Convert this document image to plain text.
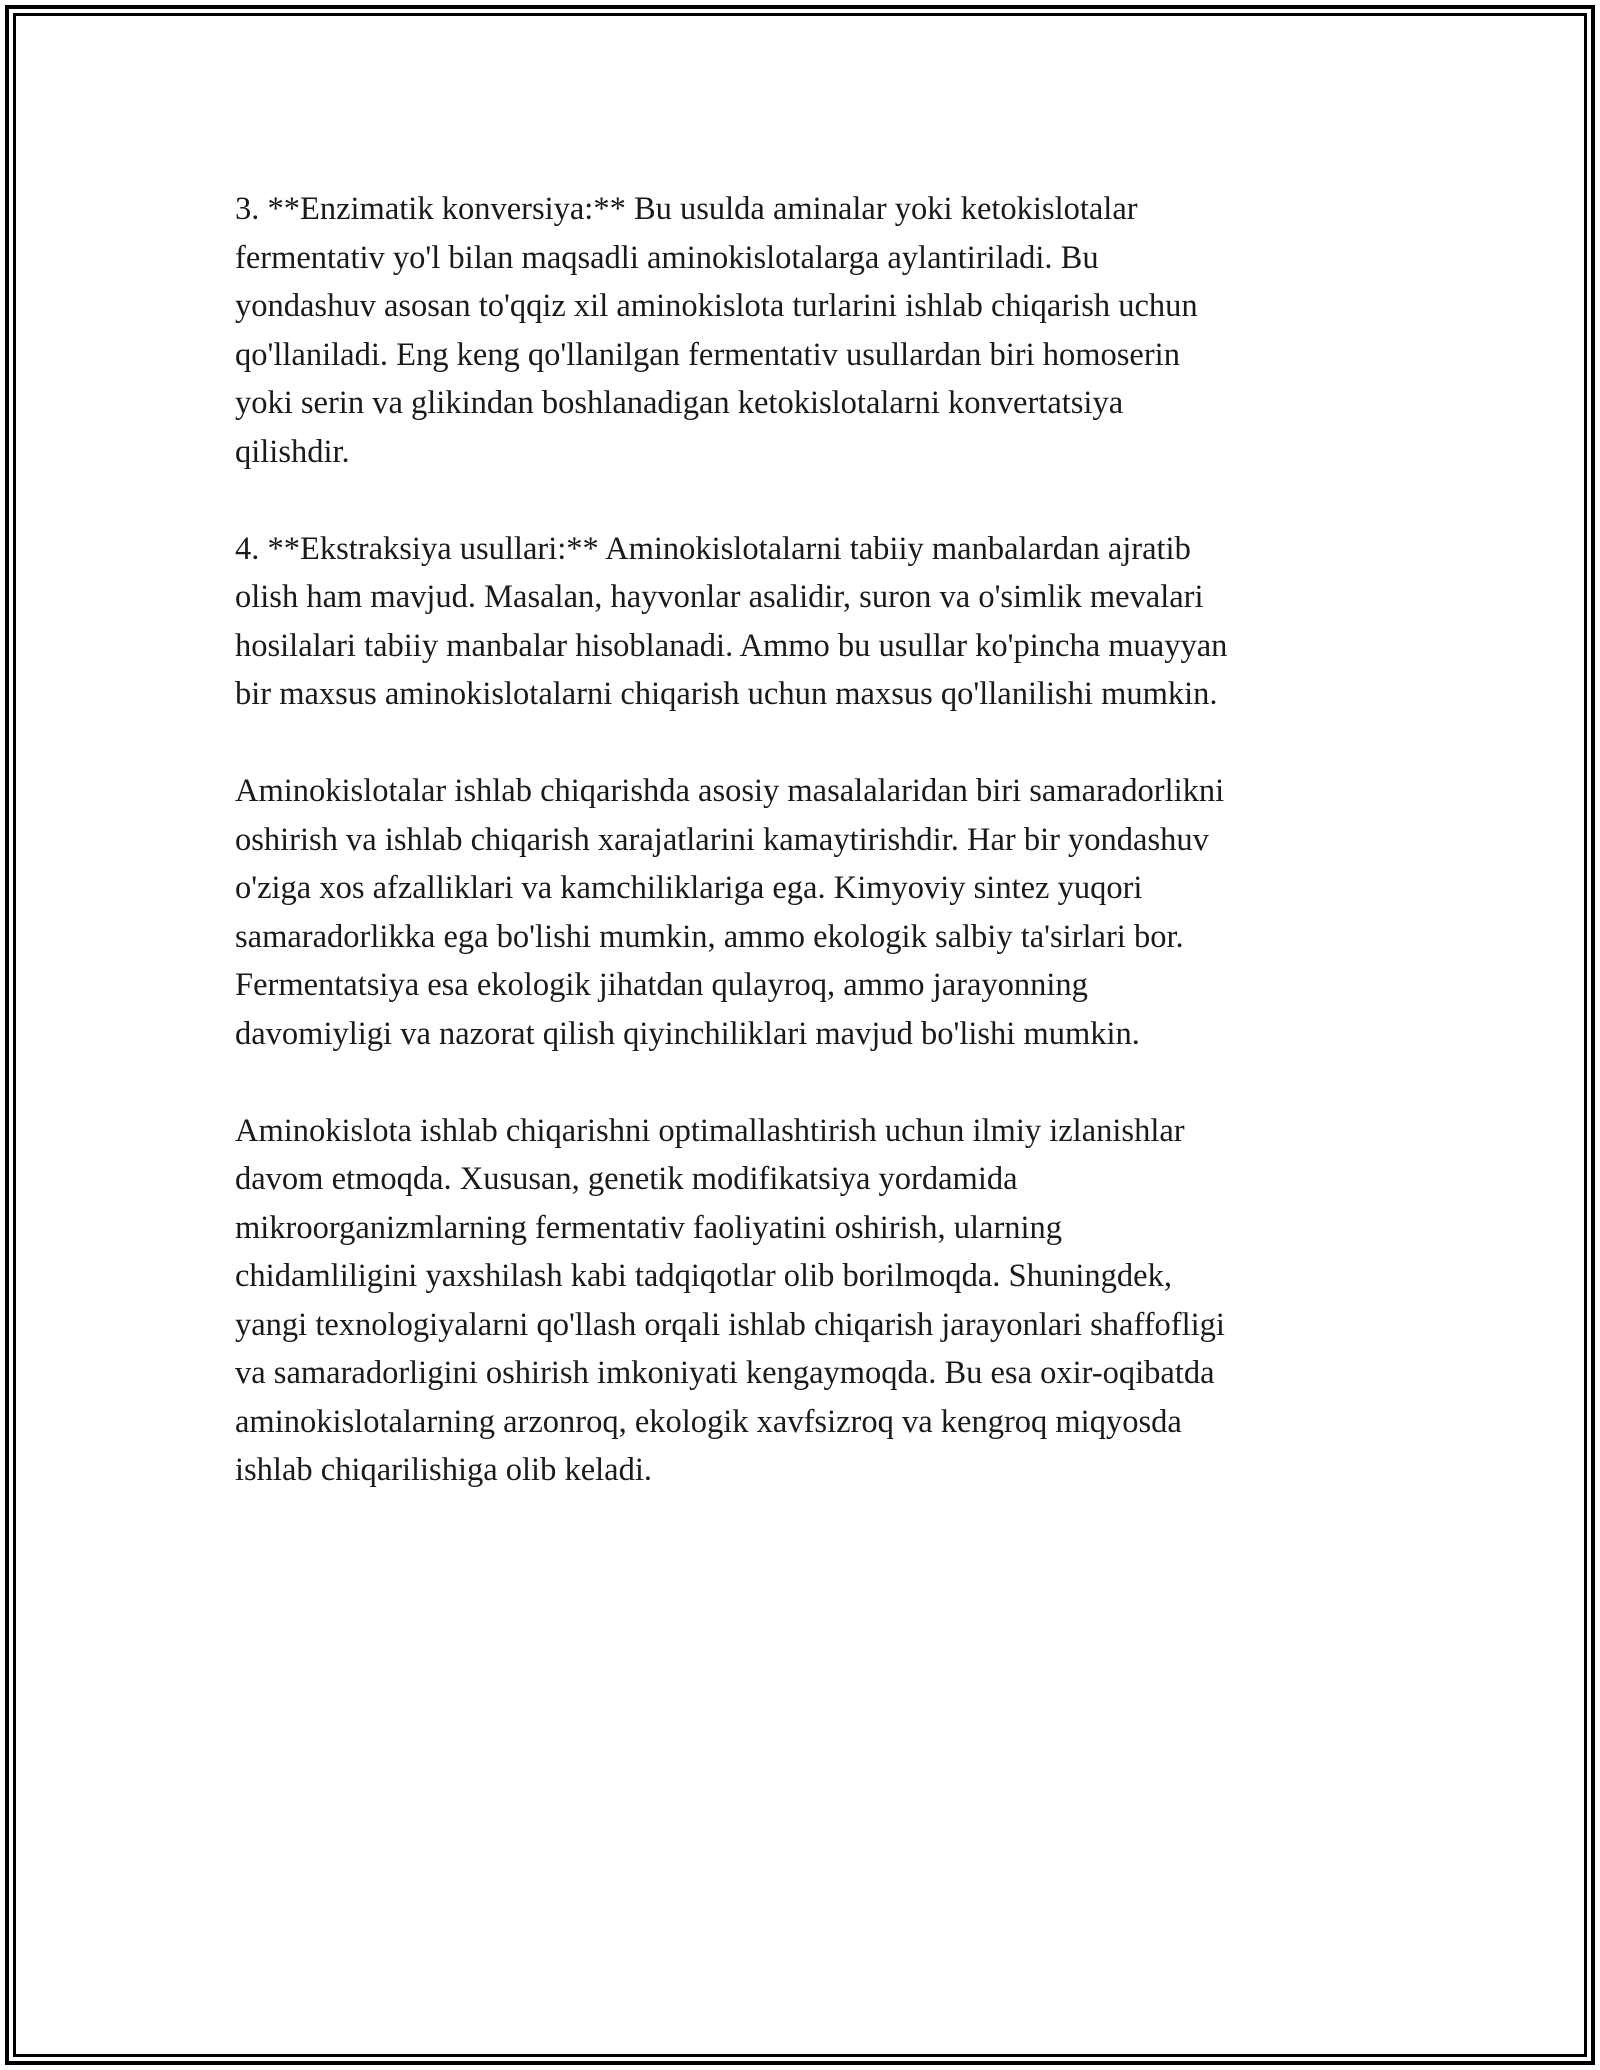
3. **Enzimatik konversiya:** Bu usulda aminalar yoki ketokislotalar
fermentativ yo'l bilan maqsadli aminokislotalarga aylantiriladi. Bu
yondashuv asosan to'qqiz xil aminokislota turlarini ishlab chiqarish uchun
qo'llaniladi. Eng keng qo'llanilgan fermentativ usullardan biri homoserin
yoki serin va glikindan boshlanadigan ketokislotalarni konvertatsiya
qilishdir.
4. **Ekstraksiya usullari:** Aminokislotalarni tabiiy manbalardan ajratib
olish ham mavjud. Masalan, hayvonlar asalidir, suron va o'simlik mevalari
hosilalari tabiiy manbalar hisoblanadi. Ammo bu usullar ko'pincha muayyan
bir maxsus aminokislotalarni chiqarish uchun maxsus qo'llanilishi mumkin.
Aminokislotalar ishlab chiqarishda asosiy masalalaridan biri samaradorlikni
oshirish va ishlab chiqarish xarajatlarini kamaytirishdir. Har bir yondashuv
o'ziga xos afzalliklari va kamchiliklariga ega. Kimyoviy sintez yuqori
samaradorlikka ega bo'lishi mumkin, ammo ekologik salbiy ta'sirlari bor.
Fermentatsiya esa ekologik jihatdan qulayroq, ammo jarayonning
davomiyligi va nazorat qilish qiyinchiliklari mavjud bo'lishi mumkin.
Aminokislota ishlab chiqarishni optimallashtirish uchun ilmiy izlanishlar
davom etmoqda. Xususan, genetik modifikatsiya yordamida
mikroorganizmlarning fermentativ faoliyatini oshirish, ularning
chidamliligini yaxshilash kabi tadqiqotlar olib borilmoqda. Shuningdek,
yangi texnologiyalarni qo'llash orqali ishlab chiqarish jarayonlari shaffofligi
va samaradorligini oshirish imkoniyati kengaymoqda. Bu esa oxir-oqibatda
aminokislotalarning arzonroq, ekologik xavfsizroq va kengroq miqyosda
ishlab chiqarilishiga olib keladi.
